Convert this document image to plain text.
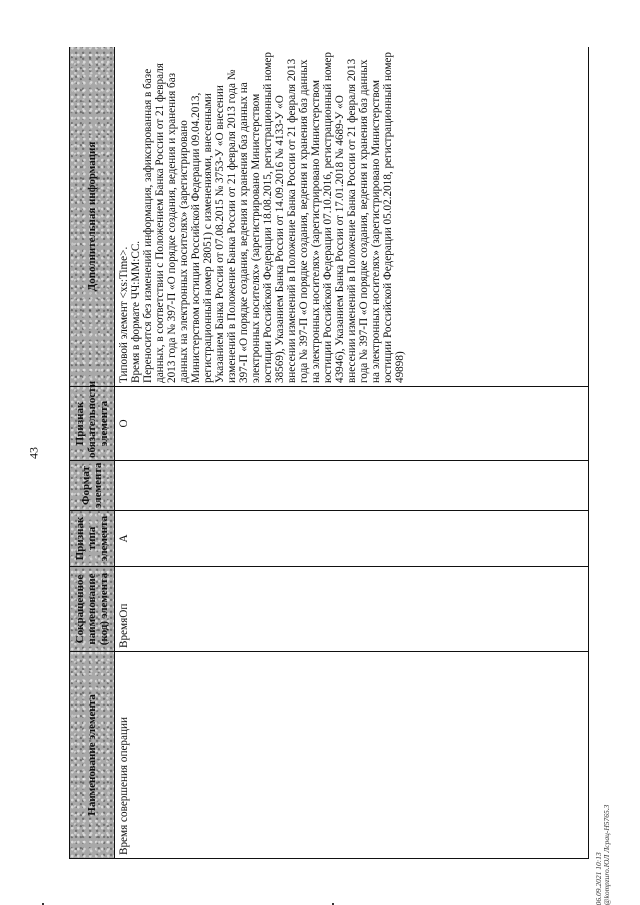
43
06.09.2021 10:13 @kompzuro.ЮЛ Лсрац-H5765.3
Наименование элемента	Сокращенное наименование (код) элемента	Признак типа элемента	Формат элемента	Признак обязательности элемента	Дополнительная информация
Время совершения операции	ВремяОп	А		О	Типовой элемент <xs:Time>. Время в формате ЧЧ:ММ:СС. Переносится без изменений информация, зафиксированная в базе данных, в соответствии с Положением Банка России от 21 февраля 2013 года № 397-П «О порядке создания, ведения и хранения баз данных на электронных носителях» (зарегистрировано Министерством юстиции Российской Федерации 09.04.2013, регистрационный номер 28051) с изменениями, внесенными Указанием Банка России от 07.08.2015 № 3753-У «О внесении изменений в Положение Банка России от 21 февраля 2013 года № 397-П «О порядке создания, ведения и хранения баз данных на электронных носителях» (зарегистрировано Министерством юстиции Российской Федерации 18.08.2015, регистрационный номер 38569), Указанием Банка России от 14.09.2016 № 4133-У «О внесении изменений в Положение Банка России от 21 февраля 2013 года № 397-П «О порядке создания, ведения и хранения баз данных на электронных носителях» (зарегистрировано Министерством юстиции Российской Федерации 07.10.2016, регистрационный номер 43946), Указанием Банка России от 17.01.2018 № 4689-У «О внесении изменений в Положение Банка России от 21 февраля 2013 года № 397-П «О порядке создания, ведения и хранения баз данных на электронных носителях» (зарегистрировано Министерством юстиции Российской Федерации 05.02.2018, регистрационный номер 49898)
